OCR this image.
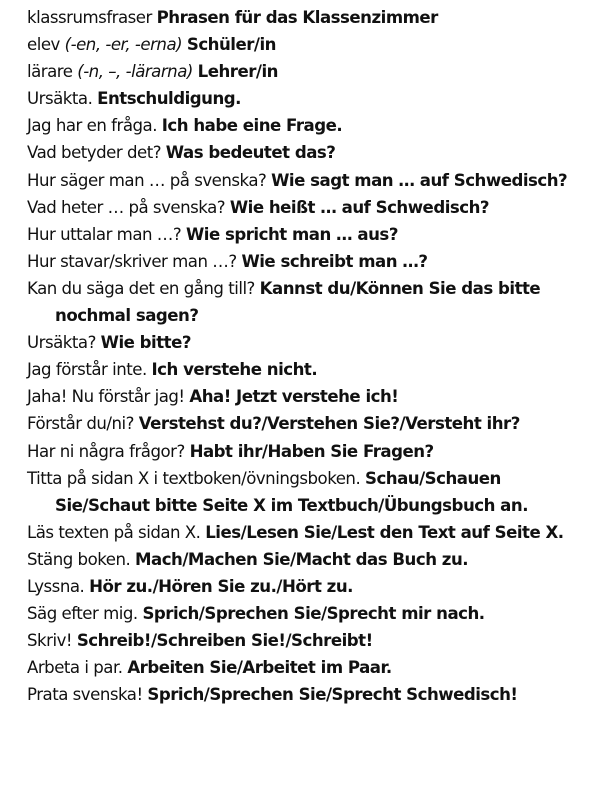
klassrumsfraser Phrasen für das Klassenzimmer
elev (-en, -er, -erna) Schüler/in
lärare (-n, –, -lärarna) Lehrer/in
Ursäkta. Entschuldigung.
Jag har en fråga. Ich habe eine Frage.
Vad betyder det? Was bedeutet das?
Hur säger man … på svenska? Wie sagt man … auf Schwedisch?
Vad heter … på svenska? Wie heißt … auf Schwedisch?
Hur uttalar man …? Wie spricht man … aus?
Hur stavar/skriver man …? Wie schreibt man …?
Kan du säga det en gång till? Kannst du/Können Sie das bitte nochmal sagen?
Ursäkta? Wie bitte?
Jag förstår inte. Ich verstehe nicht.
Jaha! Nu förstår jag! Aha! Jetzt verstehe ich!
Förstår du/ni? Verstehst du?/Verstehen Sie?/Versteht ihr?
Har ni några frågor? Habt ihr/Haben Sie Fragen?
Titta på sidan X i textboken/övningsboken. Schau/Schauen Sie/Schaut bitte Seite X im Textbuch/Übungsbuch an.
Läs texten på sidan X. Lies/Lesen Sie/Lest den Text auf Seite X.
Stäng boken. Mach/Machen Sie/Macht das Buch zu.
Lyssna. Hör zu./Hören Sie zu./Hört zu.
Säg efter mig. Sprich/Sprechen Sie/Sprecht mir nach.
Skriv! Schreib!/Schreiben Sie!/Schreibt!
Arbeta i par. Arbeiten Sie/Arbeitet im Paar.
Prata svenska! Sprich/Sprechen Sie/Sprecht Schwedisch!
